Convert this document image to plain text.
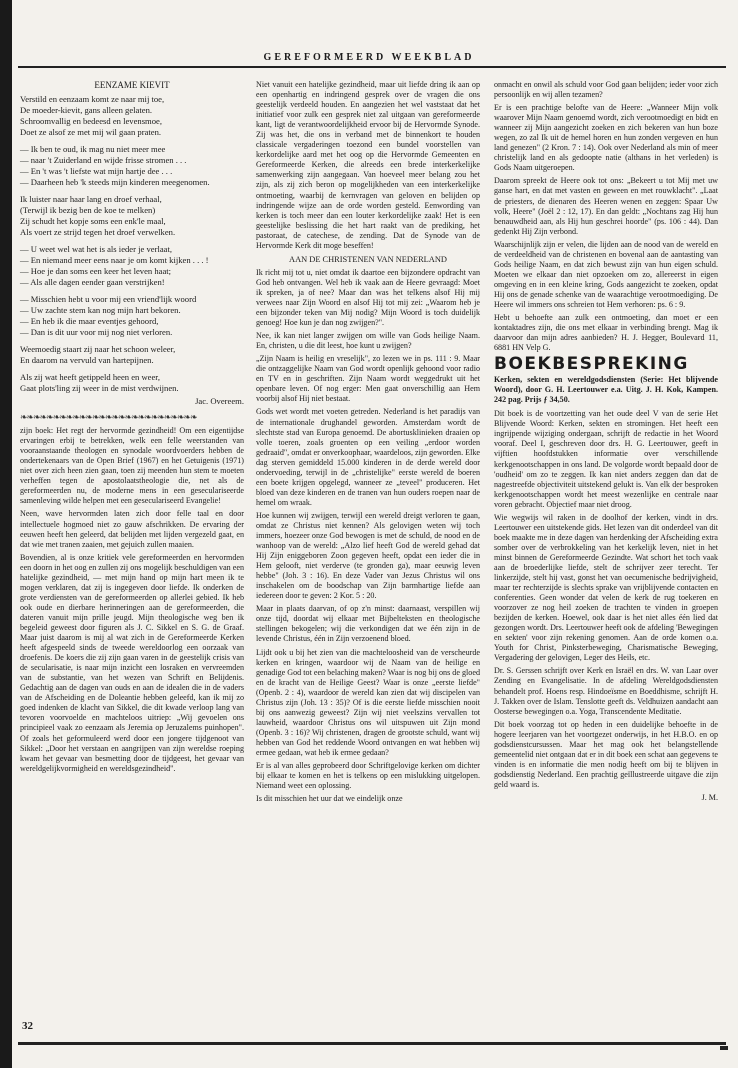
GEREFORMEERD WEEKBLAD
EENZAME KIEVIT
Verstild en eenzaam komt ze naar mij toe,
De moeder-kievit, gans alleen gelaten.
Schroomvallig en bedeesd en levensmoe,
Doet ze alsof ze met mij wil gaan praten.
— Ik ben te oud, ik mag nu niet meer mee
— naar 't Zuiderland en wijde frisse stromen . . .
— En 't was 't liefste wat mijn hartje dee . . .
— Daarheen heb 'k steeds mijn kinderen meegenomen.
Ik luister naar haar lang en droef verhaal,
(Terwijl ik bezig ben de koe te melken)
Zij schudt het kopje soms een enk'le maal,
Als voert ze strijd tegen het droef verwelken.
— U weet wel wat het is als ieder je verlaat,
— En niemand meer eens naar je om komt kijken . . . !
— Hoe je dan soms een keer het leven haat;
— Als alle dagen eender gaan verstrijken!
— Misschien hebt u voor mij een vriend'lijk woord
— Uw zachte stem kan nog mijn hart bekoren.
— En heb ik die maar eventjes gehoord,
— Dan is dit uur voor mij nog niet verloren.
Weemoedig staart zij naar het schoon weleer,
En daarom na vervuld van hartepijnen.
Als zij wat heeft getippeld heen en weer,
Gaat plots'ling zij weer in de mist verdwijnen.
Jac. Overeem.
❧❧❧❧❧❧❧❧❧❧❧❧❧❧❧❧❧❧❧❧❧❧❧❧❧❧❧

zijn boek: Het regt der hervormde gezindheid! Om een eigentijdse ervaringen erbij te betrekken, welk een felle weerstanden van vooraanstaande theologen en synodale woordvoerders hebben de ondertekenaars van de Open Brief (1967) en het Getuigenis (1971) niet over zich heen zien gaan, toen zij meenden hun stem te moeten verheffen tegen de apostolaatstheologie die, net als de gereformeerden nu, de moderne mens in een geseculariseerde samenleving wilde helpen met een geseculariseerd Evangelie!

Neen, wave hervormden laten zich door felle taal en door intellectuele hogmoed niet zo gauw afschrikken. De ervaring der eeuwen heeft hen geleerd, dat belijden met lijden vergezeld gaat, en dat wie met tranen zaaien, met gejuich zullen maaien.

Bovendien, al is onze kritiek vele gereformeerden en hervormden een doorn in het oog en zullen zij ons mogelijk beschuldigen van een hatelijke gezindheid, — met mijn hand op mijn hart meen ik te mogen verklaren, dat zij is ingegeven door liefde. Ik onderken de grote verdiensten van de gereformeerden op allerlei gebied. Ik heb ook oude en dierbare herinneringen aan de gereformeerden, die dateren vanuit mijn prille jeugd. Mijn theologische weg ben ik begeleid geweest door figuren als J. C. Sikkel en S. G. de Graaf. Maar juist daarom is mij al wat zich in de Gereformeerde Kerken heeft afgespeeld sinds de tweede wereldoorlog een oorzaak van droefenis. De koers die zij zijn gaan varen in de geestelijk crisis van de secularisatie, is naar mijn inzicht een losraken en vervreemden van de substantie, van het wezen van Schrift en Belijdenis. Gedachtig aan de dagen van ouds en aan de idealen die in de vaders van de Afscheiding en de Doleantie hebben geleefd, kan ik mij zo goed indenken de klacht van Sikkel, die dit kwade verloop lang van tevoren voorvoelde en machteloos uitriep: „Wij gevoelen ons principieel vaak zo eenzaam als Jeremia op Jeruzalems puinhopen". Of zoals het geformuleerd werd door een jongere tijdgenoot van Sikkel: „Door het verstaan en aangrijpen van zijn wereldse roeping kwam het gevaar van besmetting door de tijdgeest, het gevaar van wereldgelijkvormigheid en wereldsgezindheid".

Niet vanuit een hatelijke gezindheid, maar uit liefde dring ik aan op een openhartig en indringend gesprek over de vragen die ons geestelijk verdeeld houden. En aangezien het wel vaststaat dat het initiatief voor zulk een gesprek niet zal uitgaan van gereformeerde kant, ligt de verantwoordelijkheid ervoor bij de Hervormde Synode. Zij was het, die ons in verband met de binnenkort te houden classicale vergaderingen toezond een bundel voorstellen van kerkordelijke aard met het oog op die Hervormde Gemeenten en Gereformeerde Kerken, die alreeds een brede interkerkelijke samenwerking zijn aangegaan. Van hoeveel meer belang zou het zijn, als zij zich beron op mogelijkheden van een interkerkelijke ontmoeting, waarbij de kernvragen van geloven en belijden op indringende wijze aan de orde worden gesteld. Eenwording van kerken is toch meer dan een louter kerkordelijke zaak! Het is een geestelijke beslissing die het hart raakt van de prediking, het pastoraat, de catechese, de zending. Dat de Synode van de Hervormde Kerk dit moge beseffen!

AAN DE CHRISTENEN VAN NEDERLAND

Ik richt mij tot u, niet omdat ik daartoe een bijzondere opdracht van God heb ontvangen. Wel heb ik vaak aan de Heere gevraagd: Moet ik spreken, ja of nee? Maar dan was het telkens alsof Hij mij verwees naar Zijn Woord en alsof Hij tot mij zei: „Waarom heb je een bijzonder teken van Mij nodig? Mijn Woord is toch duidelijk genoeg! Hoe kun je dan nog zwijgen?".

Nee, ik kan niet langer zwijgen om wille van Gods heilige Naam. En, christen, u die dit leest, hoe kunt u zwijgen?

„Zijn Naam is heilig en vreselijk", zo lezen we in ps. 111 : 9. Maar die ontzaggelijke Naam van God wordt openlijk gehoond voor radio en TV en in geschriften. Zijn Naam wordt weggedrukt uit het openbare leven. Of nog erger: Men gaat onverschillig aan Hem voorbij alsof Hij niet bestaat.

Gods wet wordt met voeten getreden. Nederland is het paradijs van de internationale drughandel geworden. Amsterdam wordt de slechtste stad van Europa genoemd. De abortusklinieken draaien op volle toeren, zoals groenten op een veiling „erdoor worden gedraaid", omdat er onverkoophaar, waardeloos, zijn geworden. Elke dag sterven gemiddeld 15.000 kinderen in de derde wereld door ondervoeding, terwijl in de „christelijke" eerste wereld de boeren een boete krijgen opgelegd, wanneer ze „teveel" produceren. Het bloed van deze kinderen en de tranen van hun ouders roepen naar de hemel om wraak.

Hoe kunnen wij zwijgen, terwijl een wereld dreigt verloren te gaan, omdat ze Christus niet kennen? Als gelovigen weten wij toch immers, hoezeer onze God bewogen is met de schuld, de nood en de wanhoop van de wereld: „Alzo lief heeft God de wereld gehad dat Hij Zijn eniggeboren Zoon gegeven heeft, opdat een ieder die in Hem gelooft, niet verderve (te gronden ga), maar eeuwig leven hebbe" (Joh. 3 : 16). En deze Vader van Jezus Christus wil ons inschakelen om de boodschap van Zijn barmhartige liefde aan iedereen door te geven: 2 Kor. 5 : 20.

Maar in plaats daarvan, of op z'n minst: daarnaast, verspillen wij onze tijd, doordat wij elkaar met Bijbelteksten en theologische stellingen bekogelen; wij die verkondigen dat we één zijn in de levende Christus, één in Zijn verzoenend bloed.

Lijdt ook u bij het zien van die machteloosheid van de verscheurde kerken en kringen, waardoor wij de Naam van de heilige en genadige God tot een belaching maken? Waar is nog bij ons de gloed en de kracht van de Heilige Geest? Waar is onze „eerste liefde" (Openb. 2 : 4), waardoor de wereld kan zien dat wij discipelen van Christus zijn (Joh. 13 : 35)? Of is die eerste liefde misschien nooit bij ons aanwezig geweest? Zijn wij niet veelszins vervallen tot lauwheid, waardoor Christus ons wil uitspuwen uit Zijn mond (Openb. 3 : 16)? Wij christenen, dragen de grootste schuld, want wij hebben van God het reddende Woord ontvangen en wat hebben wij ermee gedaan, wat heb ik ermee gedaan?

Er is al van alles geprobeerd door Schriftgelovige kerken om dichter bij elkaar te komen en het is telkens op een mislukking uitgelopen. Niemand weet een oplossing.

Is dit misschien het uur dat we eindelijk onze

onmacht en onwil als schuld voor God gaan belijden; ieder voor zich persoonlijk en wij allen tezamen?

Er is een prachtige belofte van de Heere: „Wanneer Mijn volk waarover Mijn Naam genoemd wordt, zich verootmoedigt en bidt en wanneer zij Mijn aangezicht zoeken en zich bekeren van hun boze wegen, zo zal Ik uit de hemel horen en hun zonden vergeven en hun land genezen" (2 Kron. 7 : 14). Ook over Nederland als min of meer christelijk land en als gedoopte natie (althans in het verleden) is Gods Naam uitgeroepen.

Daarom spreekt de Heere ook tot ons: „Bekeert u tot Mij met uw ganse hart, en dat met vasten en geween en met rouwklacht". „Laat de priesters, de dienaren des Heeren wenen en zeggen: Spaar Uw volk, Heere" (Joël 2 : 12, 17). En dan geldt: „Nochtans zag Hij hun benauwdheid aan, als Hij hun geschrei hoorde" (ps. 106 : 44). Dan gedenkt Hij Zijn verbond.

Waarschijnlijk zijn er velen, die lijden aan de nood van de wereld en de verdeeldheid van de christenen en bovenal aan de aantasting van Gods heilige Naam, en dat zich bewust zijn van hun eigen schuld. Moeten we elkaar dan niet opzoeken om zo, allereerst in eigen omgeving en in een kleine kring, Gods aangezicht te zoeken, opdat Hij ons de genade schenke van de waarachtige verootmoediging. De Heere wil immers ons schreien tot Hem verhoren: ps. 6 : 9.

Hebt u behoefte aan zulk een ontmoeting, dan moet er een kontaktadres zijn, die ons met elkaar in verbinding brengt. Mag ik daarvoor dan mijn adres aanbieden? H. J. Hegger, Boulevard 11, 6881 HN Velp G.

BOEKBESPREKING
Kerken, sekten en wereldgodsdiensten (Serie: Het blijvende Woord), door G. H. Leertouwer e.a. Uitg. J. H. Kok, Kampen. 242 pag. Prijs ƒ 34,50.

Dit boek is de voortzetting van het oude deel V van de serie Het Blijvende Woord: Kerken, sekten en stromingen. Het heeft een ingrijpende wijziging ondergaan, schrijft de redactie in het Woord vooraf. Deel I, geschreven door drs. H. G. Leertouwer, geeft in vijftien hoofdstukken informatie over verschillende kerkgenootschappen in ons land. De volgorde wordt bepaald door de 'oudheid' om zo te zeggen. Ik kan niet anders zeggen dan dat de nagestreefde objectiviteit uitstekend gelukt is. Van elk der besproken kerkgenootschappen wordt het meest wezenlijke en centrale naar voren gebracht. Objectief maar niet droog.

Wie wegwijs wil raken in de doolhof der kerken, vindt in drs. Leertouwer een uitstekende gids. Het lezen van dit onderdeel van dit boek maakte me in deze dagen van herdenking der Afscheiding extra somber over de verbrokkeling van het kerkelijk leven, niet in het minst binnen de Gereformeerde Gezindte. Wat schort het toch vaak aan de broederlijke liefde, stelt de schrijver zeer terecht. Ter linkerzijde, stelt hij vast, gonst het van oecumenische bedrijvigheid, maar ter rechterzijde is slechts sprake van vrijblijvende contacten en conferenties. Geen wonder dat velen de kerk de rug toekeren en voorzover ze nog heil zoeken de trachten te vinden in groepen bezijden de kerken. Hoewel, ook daar is het niet alles één lied dat gezongen wordt. Drs. Leertouwer heeft ook de afdeling 'Bewegingen en sekten' voor zijn rekening genomen. Aan de orde komen o.a. Youth for Christ, Pinksterbeweging, Charismatische Beweging, Vergadering der gelovigen, Leger des Heils, etc.

Dr. S. Gerssen schrijft over Kerk en Israël en drs. W. van Laar over Zending en Evangelisatie. In de afdeling Wereldgodsdiensten behandelt prof. Hoens resp. Hindoeïsme en Boeddhisme, schrijft H. J. Takken over de Islam. Tenslotte geeft ds. Veldhuizen aandacht aan Oosterse bewegingen o.a. Yoga, Transcendente Meditatie.

Dit boek voorzag tot op heden in een duidelijke behoefte in de hogere leerjaren van het voortgezet onderwijs, in het H.B.O. en op godsdienstcursussen. Maar het mag ook het belangstellende gemeentelid niet ontgaan dat er in dit boek een schat aan gegevens te vinden is en informatie die men nodig heeft om bij te blijven in godsdienstig Nederland. Een prachtig geïllustreerde uitgave die zijn geld waard is.

J. M.
32
